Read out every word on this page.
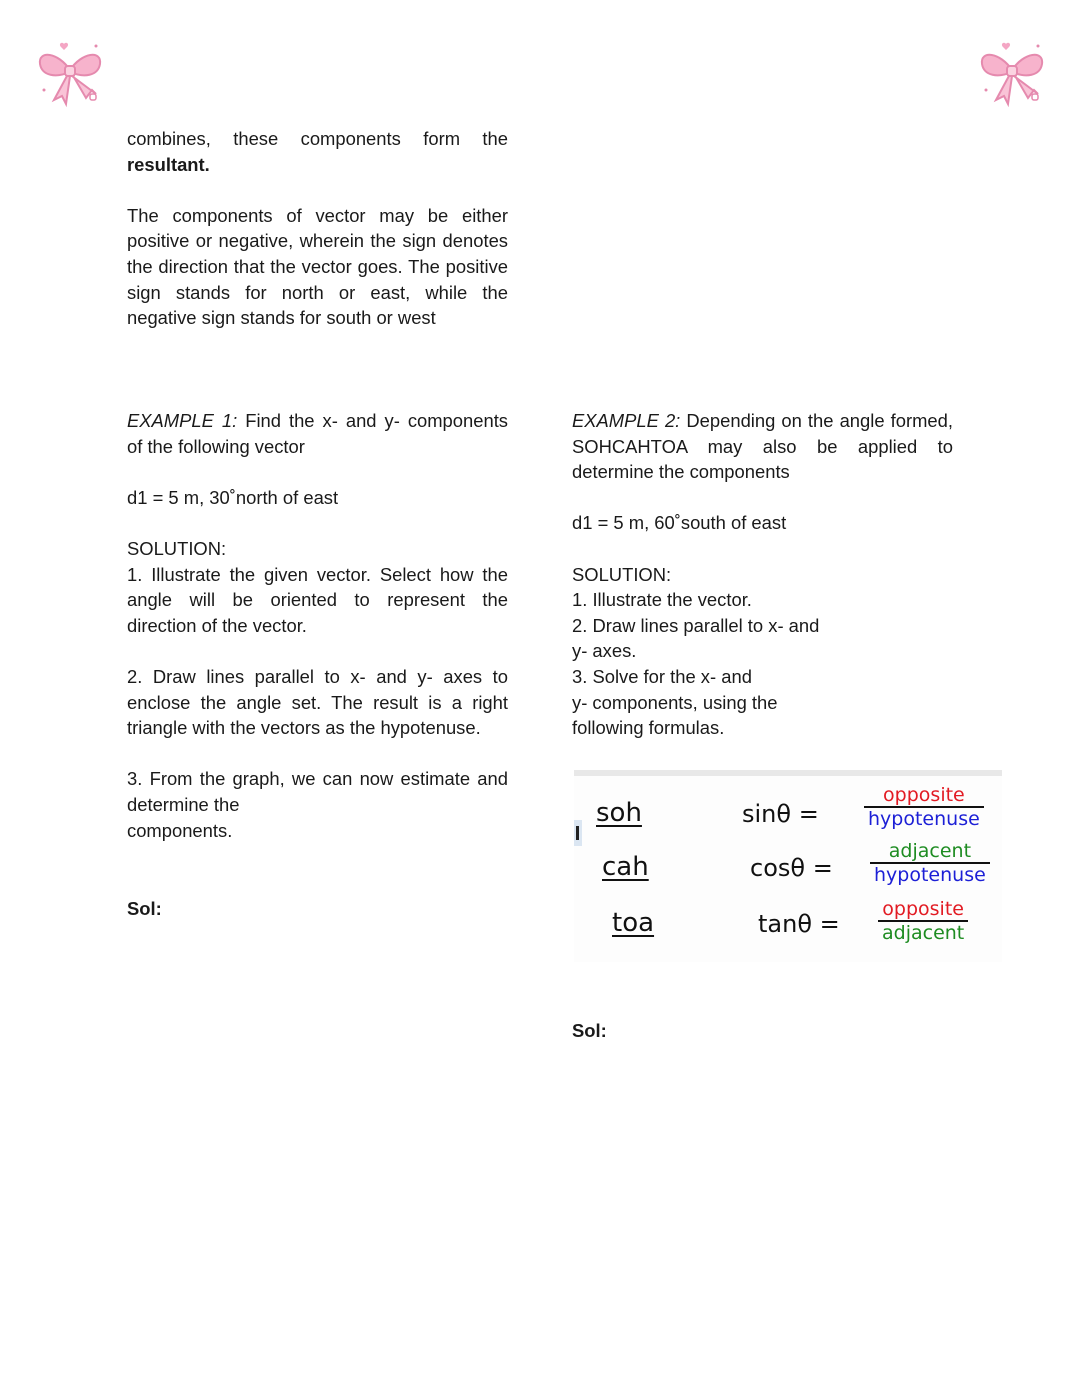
combines, these components form the

resultant.

The components of vector may be either positive or negative, wherein the sign denotes the direction that the vector goes. The positive sign stands for north or east, while the negative sign stands for south or west

EXAMPLE 1: Find the x- and y- components of the following vector

d1 = 5 m, 30˚north of east

SOLUTION:

1. Illustrate the given vector. Select how the angle will be oriented to represent the direction of the vector.

2. Draw lines parallel to x- and y- axes to enclose the angle set. The result is a right triangle with the vectors as the hypotenuse.

3. From the graph, we can now estimate and determine the

components.

Sol:

EXAMPLE 2: Depending on the angle formed, SOHCAHTOA may also be applied to determine the components

d1 = 5 m, 60˚south of east

SOLUTION:

1. Illustrate the vector.

2. Draw lines parallel to x- and

y- axes.

3. Solve for the x- and

y- components, using the

following formulas.

soh	sinθ =
opposite
hypotenuse
cah	cosθ =
adjacent
hypotenuse
toa	tanθ =
opposite
adjacent
Sol:
